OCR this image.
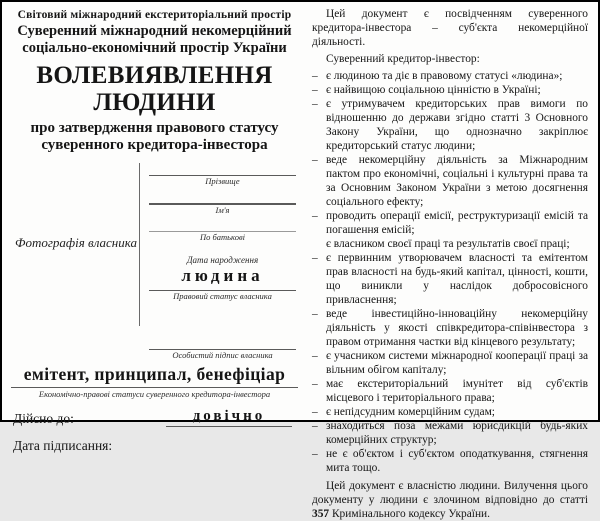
Світовий міжнародний екстериторіальний простір
Суверенний міжнародний некомерційний соціально-економічний простір України
ВОЛЕВИЯВЛЕННЯ ЛЮДИНИ
про затвердження правового статусу суверенного кредитора-інвестора
Фотографія власника
Прізвище
Ім'я
По батькові
Дата народження
людина
Правовий статус власника
Особистий підпис власника
емітент, принципал, бенефіціар
Економічно-правові статуси суверенного кредитора-інвестора
Дійсно до:	довічно
Дата підписання:

Цей документ є посвідченням суверенного кредитора-інвестора – суб'єкта некомерційної діяльності.

Суверенний кредитор-інвестор:

– є людиною та діє в правовому статусі «людина»;
– є найвищою соціальною цінністю в Україні;
– є утримувачем кредиторських прав вимоги по відношенню до держави згідно статті 3 Основного Закону України, що однозначно закріплює кредиторський статус людини;
– веде некомерційну діяльність за Міжнародним пактом про економічні, соціальні і культурні права та за Основним Законом України з метою досягнення соціального ефекту;
– проводить операції емісії, реструктуризації емісій та погашення емісій;
є власником своєї праці та результатів своєї праці;
– є первинним утворювачем власності та емітентом прав власності на будь-який капітал, цінності, кошти, що виникли у наслідок добросовісного привласнення;
– веде інвестиційно-інноваційну некомерційну діяльність у якості співкредитора-співінвестора з правом отримання частки від кінцевого результату;
– є учасником системи міжнародної кооперації праці за вільним обігом капіталу;
– має екстериторіальний імунітет від суб'єктів місцевого і територіального права;
– є непідсудним комерційним судам;
– знаходиться поза межами юрисдикцій будь-яких комерційних структур;
– не є об'єктом і суб'єктом оподаткування, стягнення мита тощо.

Цей документ є власністю людини. Вилучення цього документу у людини є злочином відповідно до статті 357 Кримінального кодексу України.
